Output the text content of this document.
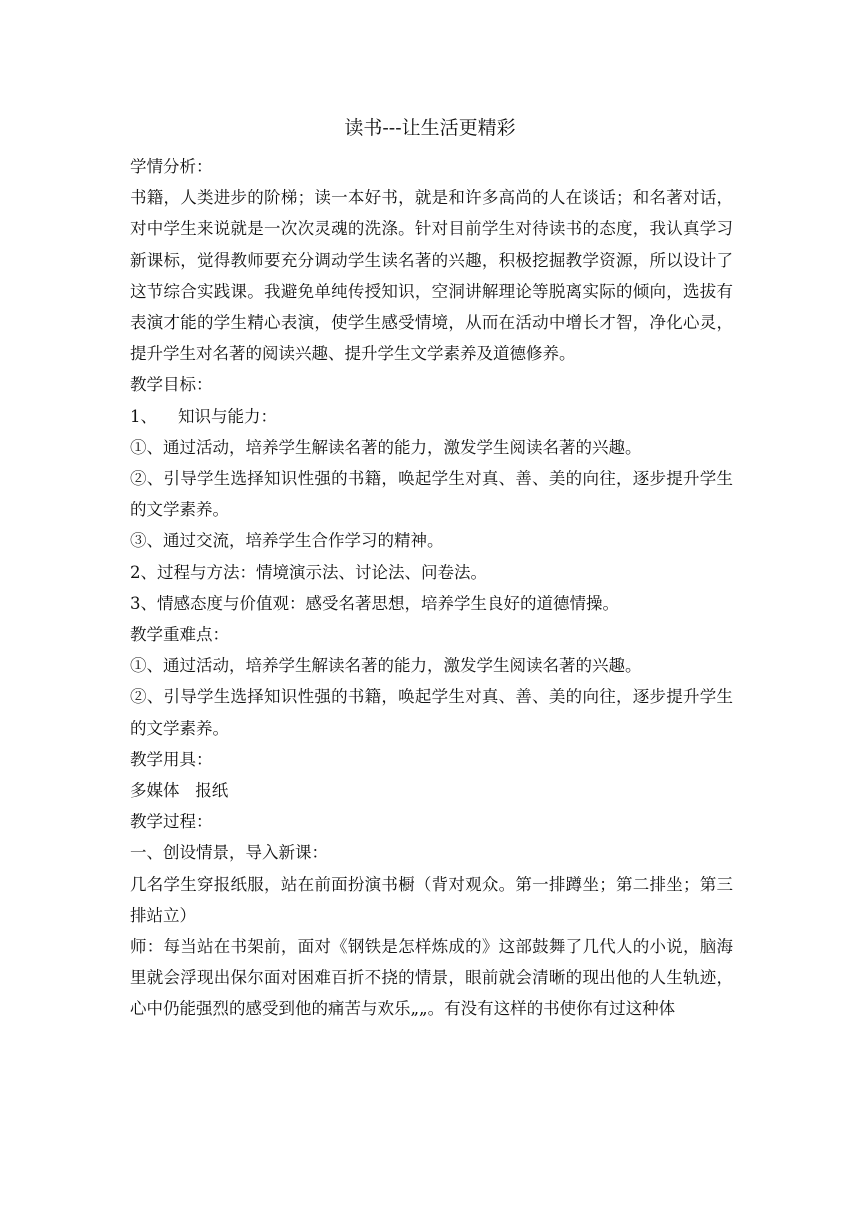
读书---让生活更精彩

学情分析：

书籍，人类进步的阶梯；读一本好书，就是和许多高尚的人在谈话；和名著对话，对中学生来说就是一次次灵魂的洗涤。针对目前学生对待读书的态度，我认真学习新课标，觉得教师要充分调动学生读名著的兴趣，积极挖掘教学资源，所以设计了这节综合实践课。我避免单纯传授知识，空洞讲解理论等脱离实际的倾向，选拔有表演才能的学生精心表演，使学生感受情境，从而在活动中增长才智，净化心灵，提升学生对名著的阅读兴趣、提升学生文学素养及道德修养。

教学目标：

1、    知识与能力：

①、通过活动，培养学生解读名著的能力，激发学生阅读名著的兴趣。

②、引导学生选择知识性强的书籍，唤起学生对真、善、美的向往，逐步提升学生的文学素养。

③、通过交流，培养学生合作学习的精神。

2、过程与方法：情境演示法、讨论法、问卷法。

3、情感态度与价值观：感受名著思想，培养学生良好的道德情操。

教学重难点：

①、通过活动，培养学生解读名著的能力，激发学生阅读名著的兴趣。

②、引导学生选择知识性强的书籍，唤起学生对真、善、美的向往，逐步提升学生的文学素养。

教学用具：

多媒体   报纸

教学过程：

一、创设情景，导入新课：

几名学生穿报纸服，站在前面扮演书橱（背对观众。第一排蹲坐；第二排坐；第三排站立）

师：每当站在书架前，面对《钢铁是怎样炼成的》这部鼓舞了几代人的小说，脑海里就会浮现出保尔面对困难百折不挠的情景，眼前就会清晰的现出他的人生轨迹，心中仍能强烈的感受到他的痛苦与欢乐„„。有没有这样的书使你有过这种体
